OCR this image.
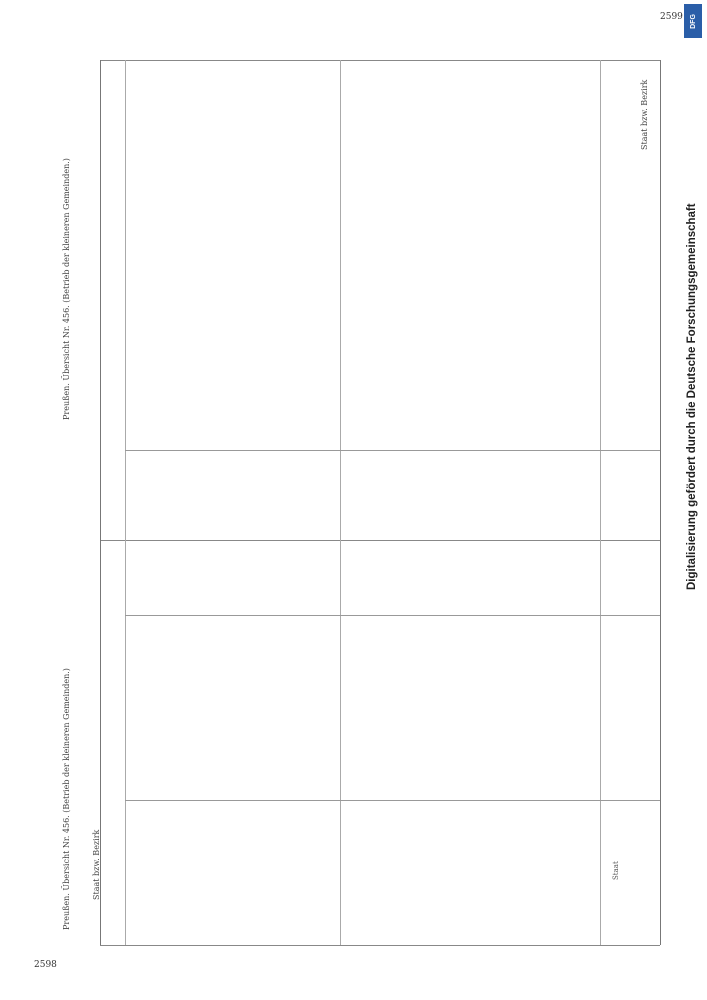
2599
2598
Preußen. Übersicht Nr. 456. (Betrieb der kleineren Gemeinden.)
Preußen. Übersicht Nr. 456. (Betrieb der kleineren Gemeinden.)
Staat bzw. Bezirk
Staat bzw. Bezirk
Staat
DFG
Digitalisierung gefördert durch die Deutsche Forschungsgemeinschaft
